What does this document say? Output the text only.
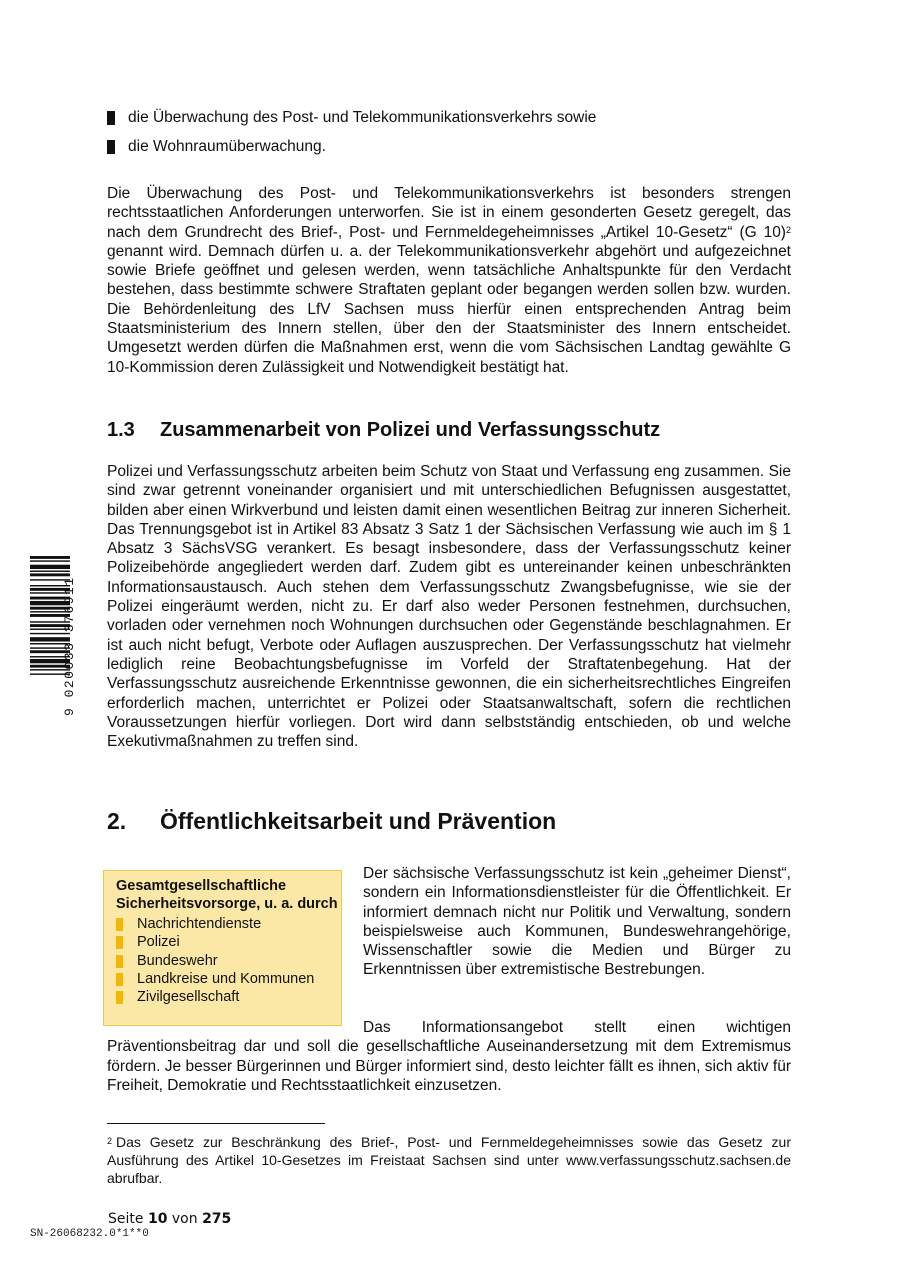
die Überwachung des Post- und Telekommunikationsverkehrs sowie
die Wohnraumüberwachung.

Die Überwachung des Post- und Telekommunikationsverkehrs ist besonders strengen rechtsstaatlichen Anforderungen unterworfen. Sie ist in einem gesonderten Gesetz geregelt, das nach dem Grundrecht des Brief-, Post- und Fernmeldegeheimnisses „Artikel 10-Gesetz“ (G 10)$^2$ genannt wird. Demnach dürfen u. a. der Telekommunikationsverkehr abgehört und aufgezeichnet sowie Briefe geöffnet und gelesen werden, wenn tatsächliche Anhaltspunkte für den Verdacht bestehen, dass bestimmte schwere Straftaten geplant oder begangen werden sollen bzw. wurden. Die Behördenleitung des LfV Sachsen muss hierfür einen entsprechenden Antrag beim Staatsministerium des Innern stellen, über den der Staatsminister des Innern entscheidet. Umgesetzt werden dürfen die Maßnahmen erst, wenn die vom Sächsischen Landtag gewählte G 10-Kommission deren Zulässigkeit und Notwendigkeit bestätigt hat.

1.3 Zusammenarbeit von Polizei und Verfassungsschutz

Polizei und Verfassungsschutz arbeiten beim Schutz von Staat und Verfassung eng zusammen. Sie sind zwar getrennt voneinander organisiert und mit unterschiedlichen Befugnissen ausgestattet, bilden aber einen Wirkverbund und leisten damit einen wesentlichen Beitrag zur inneren Sicherheit. Das Trennungsgebot ist in Artikel 83 Absatz 3 Satz 1 der Sächsischen Verfassung wie auch im § 1 Absatz 3 SächsVSG verankert. Es besagt insbesondere, dass der Verfassungsschutz keiner Polizeibehörde angegliedert werden darf. Zudem gibt es untereinander keinen unbeschränkten Informationsaustausch. Auch stehen dem Verfassungsschutz Zwangsbefugnisse, wie sie der Polizei eingeräumt werden, nicht zu. Er darf also weder Personen festnehmen, durchsuchen, vorladen oder vernehmen noch Wohnungen durchsuchen oder Gegenstände beschlagnahmen. Er ist auch nicht befugt, Verbote oder Auflagen auszusprechen. Der Verfassungsschutz hat vielmehr lediglich reine Beobachtungsbefugnisse im Vorfeld der Straftatenbegehung. Hat der Verfassungsschutz ausreichende Erkenntnisse gewonnen, die ein sicherheitsrechtliches Eingreifen erforderlich machen, unterrichtet er Polizei oder Staatsanwaltschaft, sofern die rechtlichen Voraussetzungen hierfür vorliegen. Dort wird dann selbstständig entschieden, ob und welche Exekutivmaßnahmen zu treffen sind.

2. Öffentlichkeitsarbeit und Prävention
Gesamtgesellschaftliche Sicherheitsvorsorge, u. a. durch
Nachrichtendienste
Polizei
Bundeswehr
Landkreise und Kommunen
Zivilgesellschaft

Der sächsische Verfassungsschutz ist kein „geheimer Dienst“, sondern ein Informationsdienstleister für die Öffentlichkeit. Er informiert demnach nicht nur Politik und Verwaltung, sondern beispielsweise auch Kommunen, Bundeswehrangehörige, Wissenschaftler sowie die Medien und Bürger zu Erkenntnissen über extremistische Bestrebungen.

Das Informationsangebot stellt einen wichtigen Präventionsbeitrag dar und soll die gesellschaftliche Auseinandersetzung mit dem Extremismus fördern. Je besser Bürgerinnen und Bürger informiert sind, desto leichter fällt es ihnen, sich aktiv für Freiheit, Demokratie und Rechtsstaatlichkeit einzusetzen.

$^2$ Das Gesetz zur Beschränkung des Brief-, Post- und Fernmeldegeheimnisses sowie das Gesetz zur Ausführung des Artikel 10-Gesetzes im Freistaat Sachsen sind unter www.verfassungsschutz.sachsen.de abrufbar.

Seite 10 von 275
SN-26068232.0*1**0
9 020033 376911
